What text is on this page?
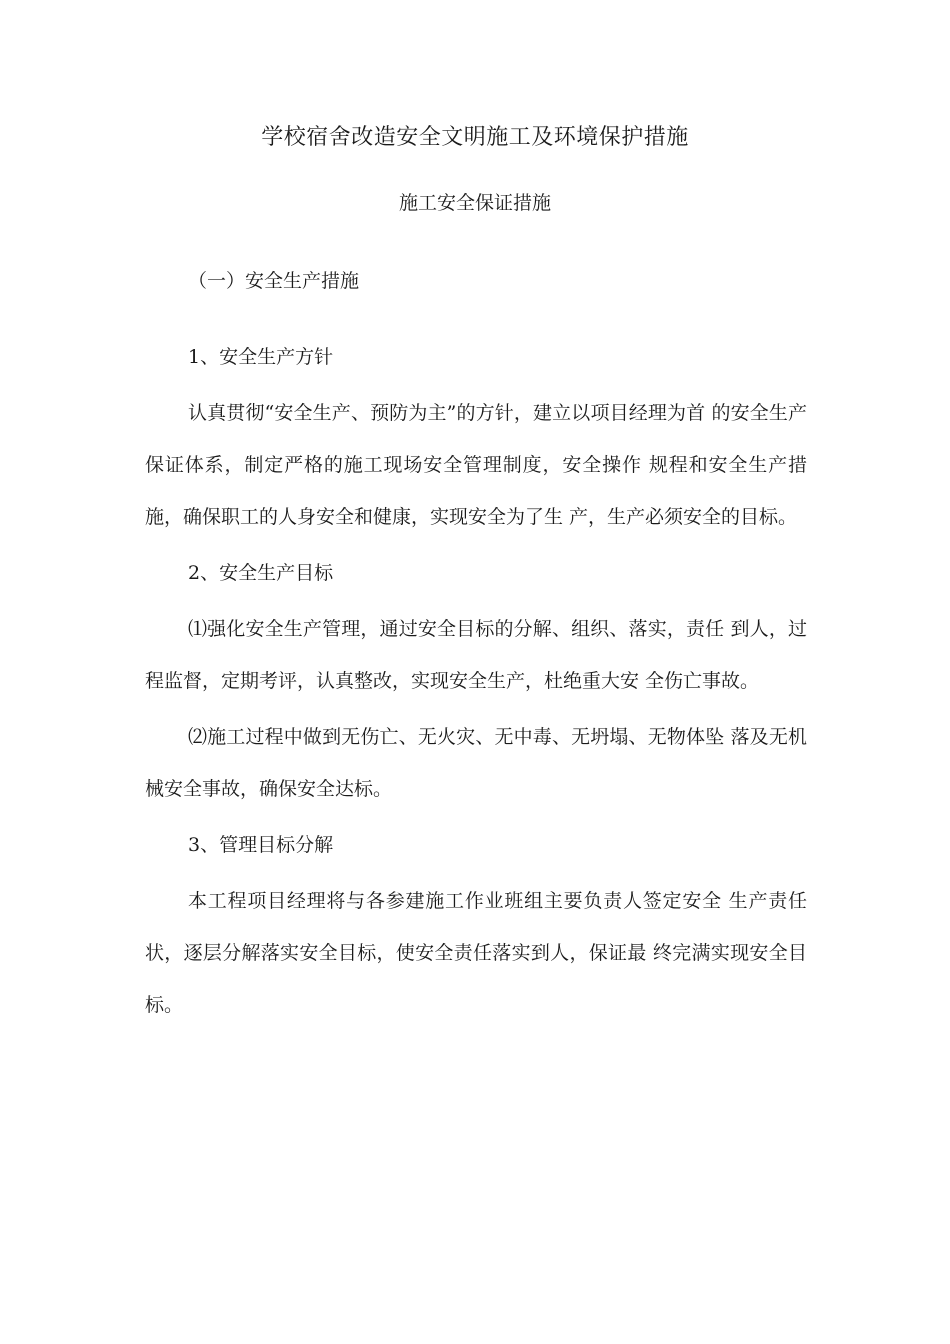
学校宿舍改造安全文明施工及环境保护措施
施工安全保证措施

（一）安全生产措施

1、安全生产方针

认真贯彻“安全生产、预防为主”的方针，建立以项目经理为首 的安全生产保证体系，制定严格的施工现场安全管理制度，安全操作 规程和安全生产措施，确保职工的人身安全和健康，实现安全为了生 产，生产必须安全的目标。

2、安全生产目标

⑴强化安全生产管理，通过安全目标的分解、组织、落实，责任 到人，过程监督，定期考评，认真整改，实现安全生产，杜绝重大安 全伤亡事故。

⑵施工过程中做到无伤亡、无火灾、无中毒、无坍塌、无物体坠 落及无机械安全事故，确保安全达标。

3、管理目标分解

本工程项目经理将与各参建施工作业班组主要负责人签定安全 生产责任状，逐层分解落实安全目标，使安全责任落实到人，保证最 终完满实现安全目标。
